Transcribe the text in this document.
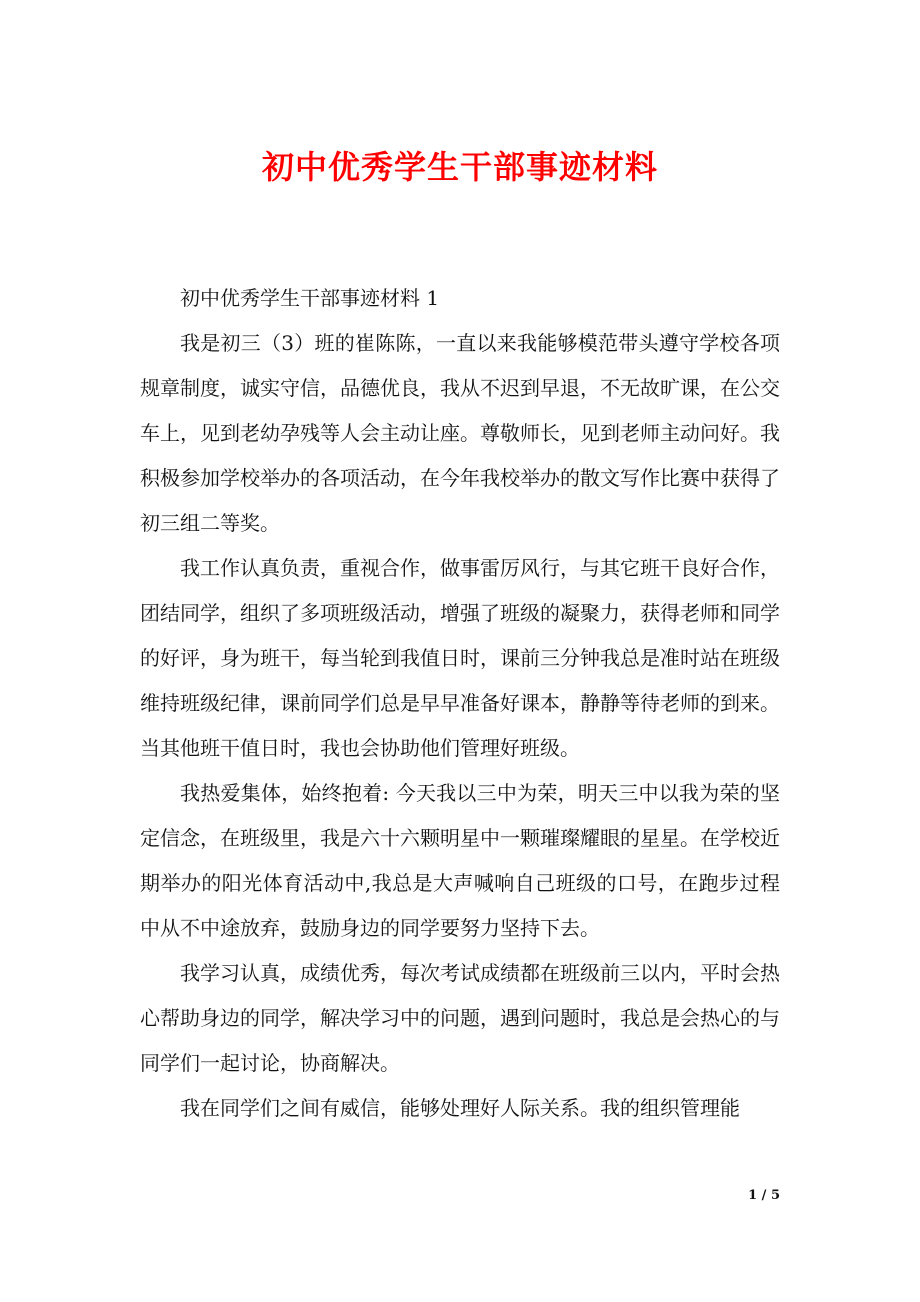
初中优秀学生干部事迹材料

初中优秀学生干部事迹材料 1

我是初三（3）班的崔陈陈，一直以来我能够模范带头遵守学校各项规章制度，诚实守信，品德优良，我从不迟到早退，不无故旷课，在公交车上，见到老幼孕残等人会主动让座。尊敬师长，见到老师主动问好。我积极参加学校举办的各项活动，在今年我校举办的散文写作比赛中获得了初三组二等奖。

我工作认真负责，重视合作，做事雷厉风行，与其它班干良好合作，团结同学，组织了多项班级活动，增强了班级的凝聚力，获得老师和同学的好评，身为班干，每当轮到我值日时，课前三分钟我总是准时站在班级维持班级纪律，课前同学们总是早早准备好课本，静静等待老师的到来。当其他班干值日时，我也会协助他们管理好班级。

我热爱集体，始终抱着: 今天我以三中为荣，明天三中以我为荣的坚定信念，在班级里，我是六十六颗明星中一颗璀璨耀眼的星星。在学校近期举办的阳光体育活动中,我总是大声喊响自己班级的口号，在跑步过程中从不中途放弃，鼓励身边的同学要努力坚持下去。

我学习认真，成绩优秀，每次考试成绩都在班级前三以内，平时会热心帮助身边的同学，解决学习中的问题，遇到问题时，我总是会热心的与同学们一起讨论，协商解决。

我在同学们之间有威信，能够处理好人际关系。我的组织管理能

1 / 5
